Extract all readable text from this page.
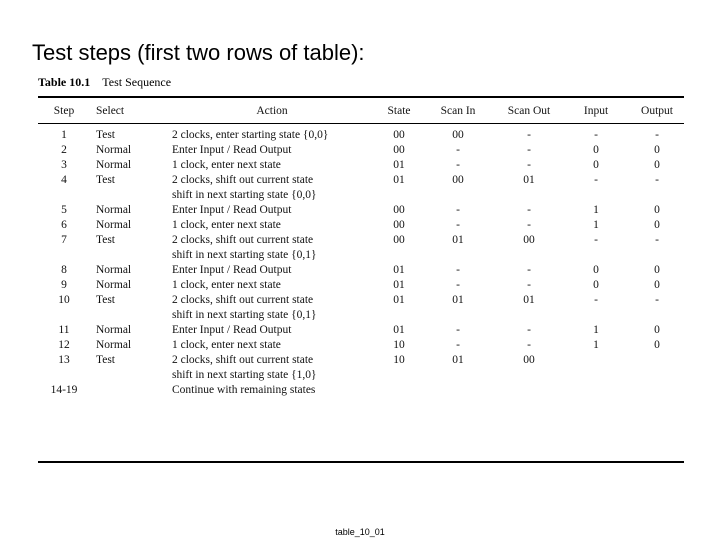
Test steps (first two rows of table):
Table 10.1 Test Sequence
Step	Select	Action	State	Scan In	Scan Out	Input	Output
1	Test	2 clocks, enter starting state {0,0}	00	00	-	-	-
2	Normal	Enter Input / Read Output	00	-	-	0	0
3	Normal	1 clock, enter next state	01	-	-	0	0
4	Test	2 clocks, shift out current state
shift in next starting state {0,0}	01	00	01	-	-
5	Normal	Enter Input / Read Output	00	-	-	1	0
6	Normal	1 clock, enter next state	00	-	-	1	0
7	Test	2 clocks, shift out current state
shift in next starting state {0,1}	00	01	00	-	-
8	Normal	Enter Input / Read Output	01	-	-	0	0
9	Normal	1 clock, enter next state	01	-	-	0	0
10	Test	2 clocks, shift out current state
shift in next starting state {0,1}	01	01	01	-	-
11	Normal	Enter Input / Read Output	01	-	-	1	0
12	Normal	1 clock, enter next state	10	-	-	1	0
13	Test	2 clocks, shift out current state
shift in next starting state {1,0}	10	01	00		
14-19		Continue with remaining states					

table_10_01
